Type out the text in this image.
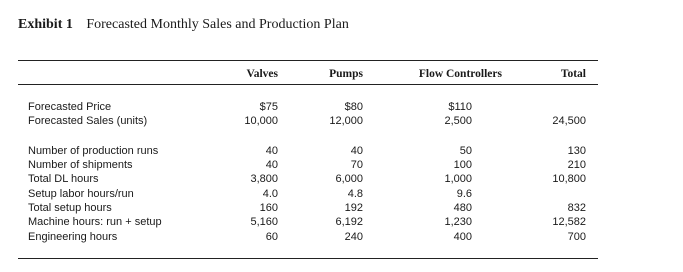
Exhibit 1 Forecasted Monthly Sales and Production Plan
Valves	Pumps	Flow Controllers	Total
Forecasted Price	$75	$80	$110
Forecasted Sales (units)	10,000	12,000	2,500	24,500
Number of production runs	40	40	50	130
Number of shipments	40	70	100	210
Total DL hours	3,800	6,000	1,000	10,800
Setup labor hours/run	4.0	4.8	9.6
Total setup hours	160	192	480	832
Machine hours: run + setup	5,160	6,192	1,230	12,582
Engineering hours	60	240	400	700
